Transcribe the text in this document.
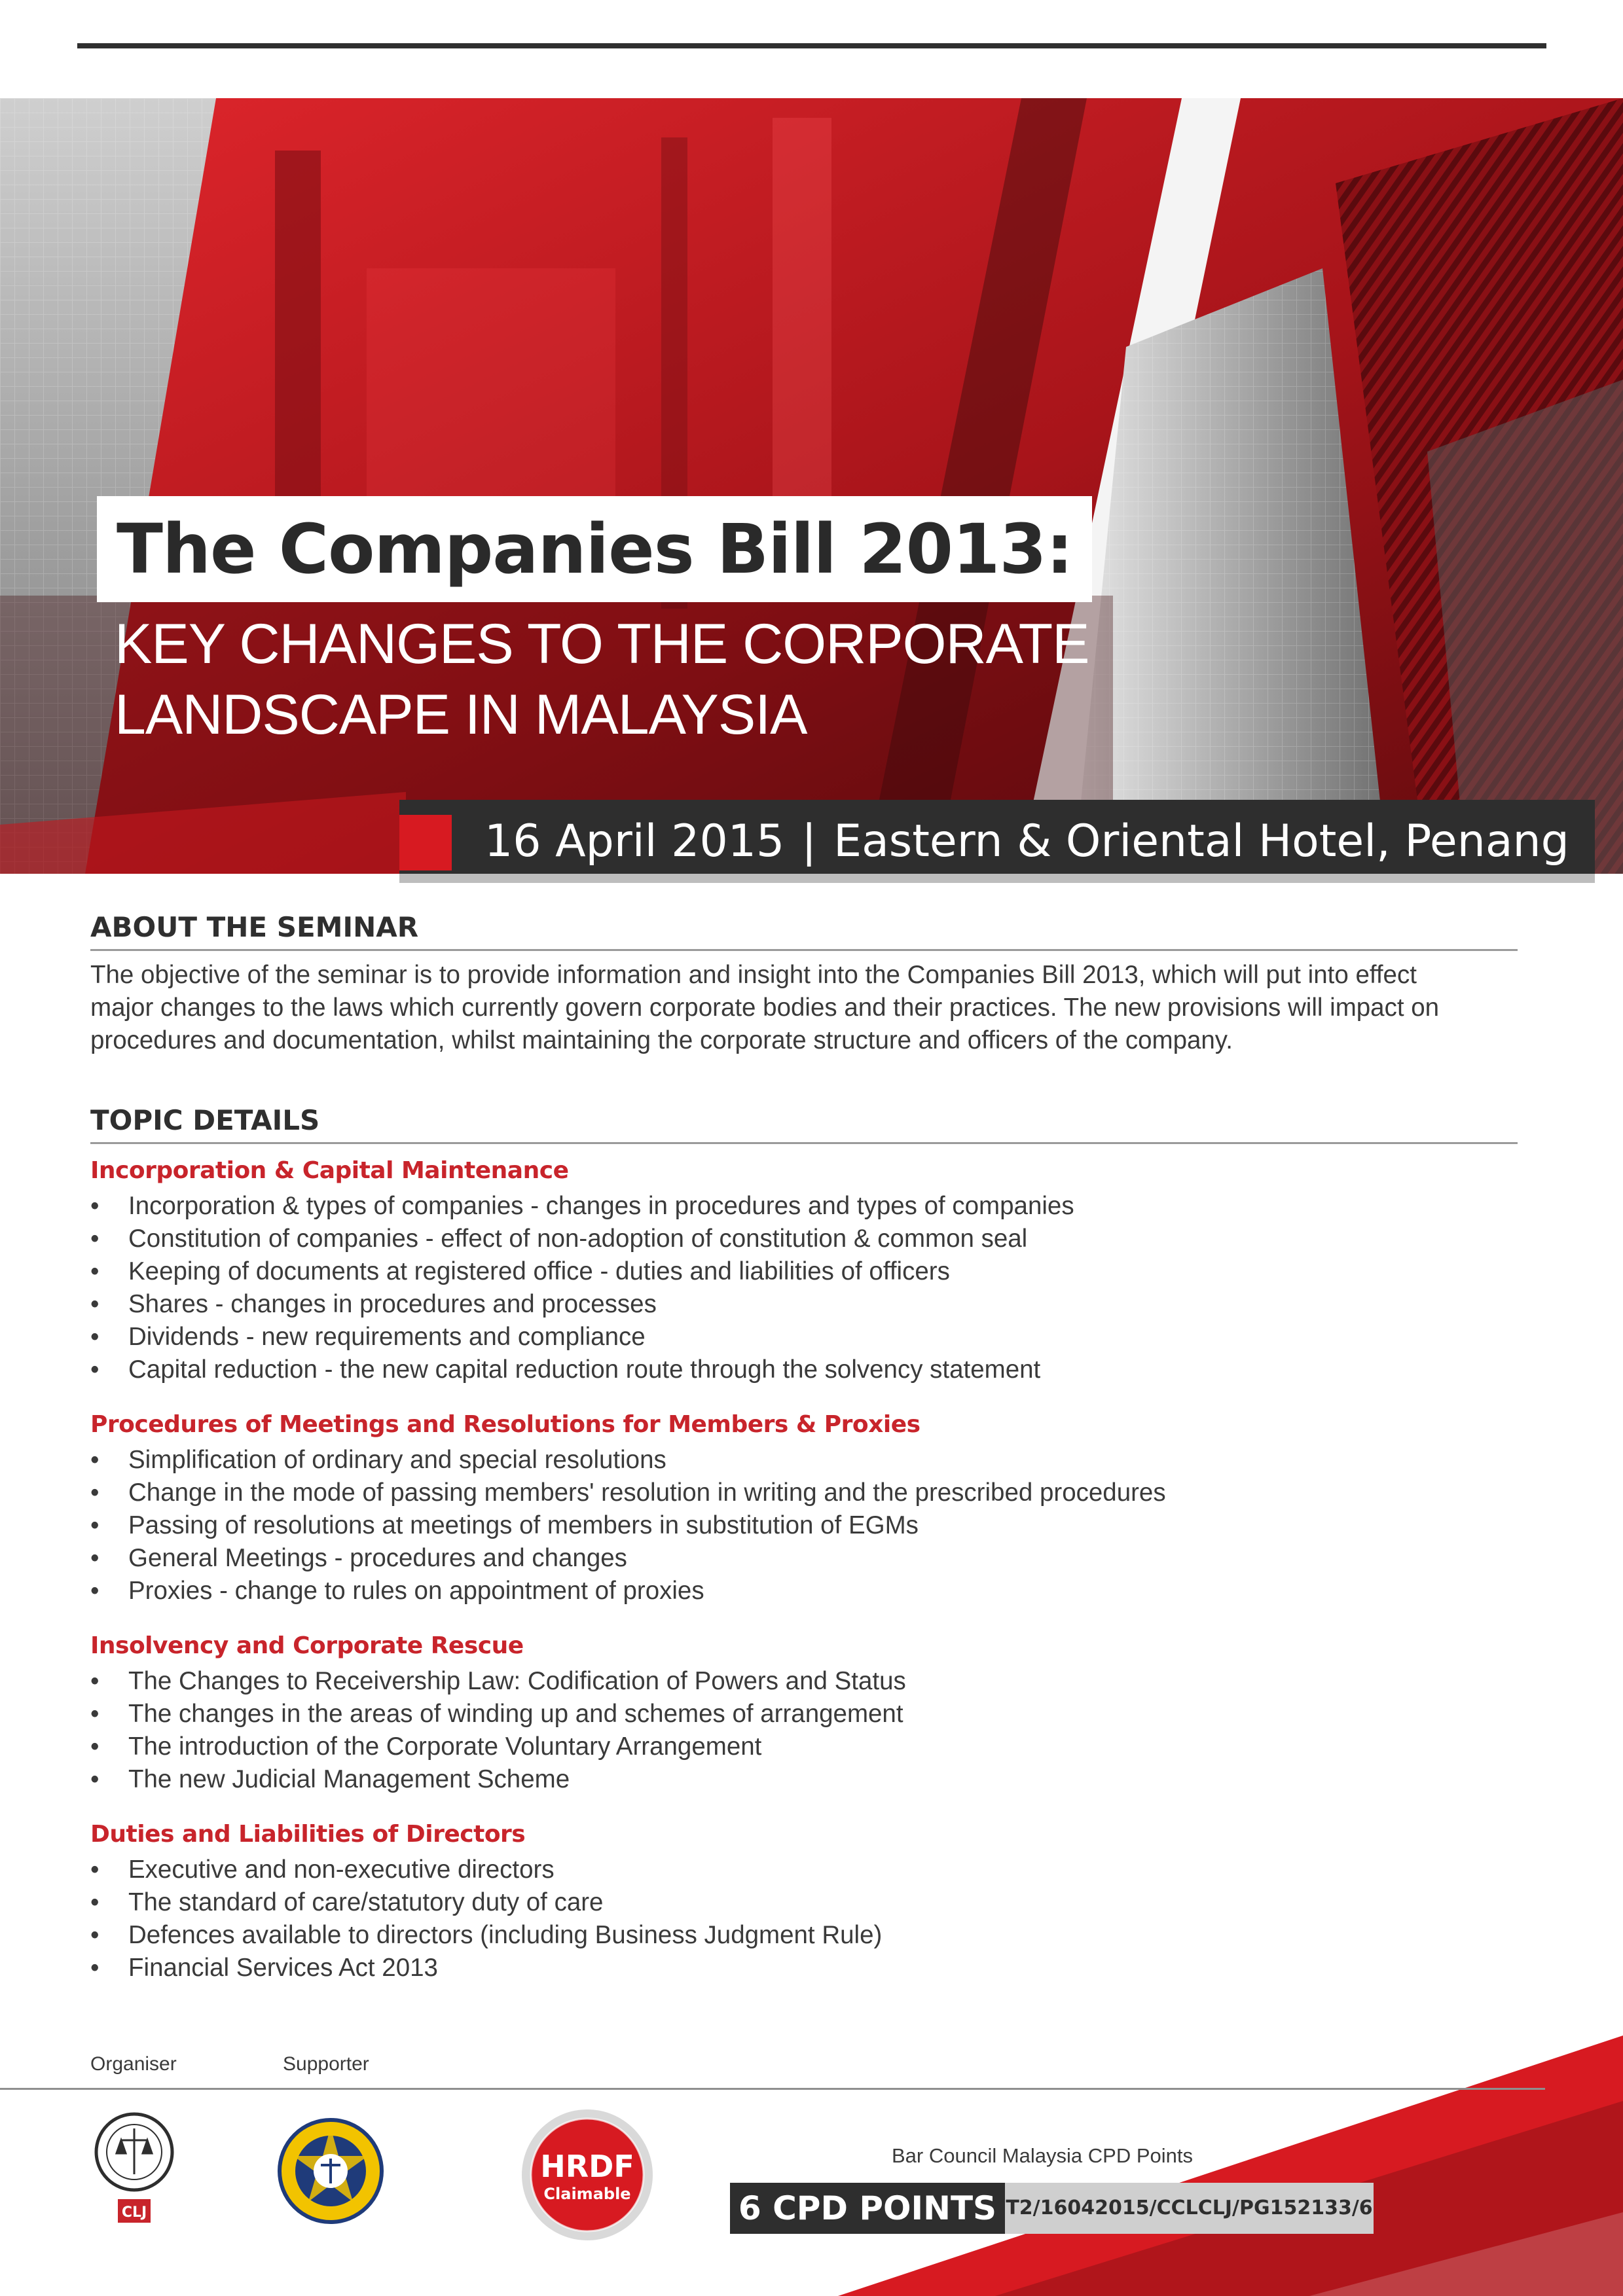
The Companies Bill 2013:
KEY CHANGES TO THE CORPORATE
LANDSCAPE IN MALAYSIA
16 April 2015 | Eastern & Oriental Hotel, Penang
ABOUT THE SEMINAR
The objective of the seminar is to provide information and insight into the Companies Bill 2013, which will put into effect
major changes to the laws which currently govern corporate bodies and their practices. The new provisions will impact on
procedures and documentation, whilst maintaining the corporate structure and officers of the company.
TOPIC DETAILS
Incorporation & Capital Maintenance
• Incorporation & types of companies - changes in procedures and types of companies
• Constitution of companies - effect of non-adoption of constitution & common seal
• Keeping of documents at registered office - duties and liabilities of officers
• Shares - changes in procedures and processes
• Dividends - new requirements and compliance
• Capital reduction - the new capital reduction route through the solvency statement
Procedures of Meetings and Resolutions for Members & Proxies
• Simplification of ordinary and special resolutions
• Change in the mode of passing members' resolution in writing and the prescribed procedures
• Passing of resolutions at meetings of members in substitution of EGMs
• General Meetings - procedures and changes
• Proxies - change to rules on appointment of proxies
Insolvency and Corporate Rescue
• The Changes to Receivership Law: Codification of Powers and Status
• The changes in the areas of winding up and schemes of arrangement
• The introduction of the Corporate Voluntary Arrangement
• The new Judicial Management Scheme
Duties and Liabilities of Directors
• Executive and non-executive directors
• The standard of care/statutory duty of care
• Defences available to directors (including Business Judgment Rule)
• Financial Services Act 2013
Organiser	Supporter
CLJ
HRDF
Claimable
Bar Council Malaysia CPD Points
6 CPD POINTS T2/16042015/CCLCLJ/PG152133/6
